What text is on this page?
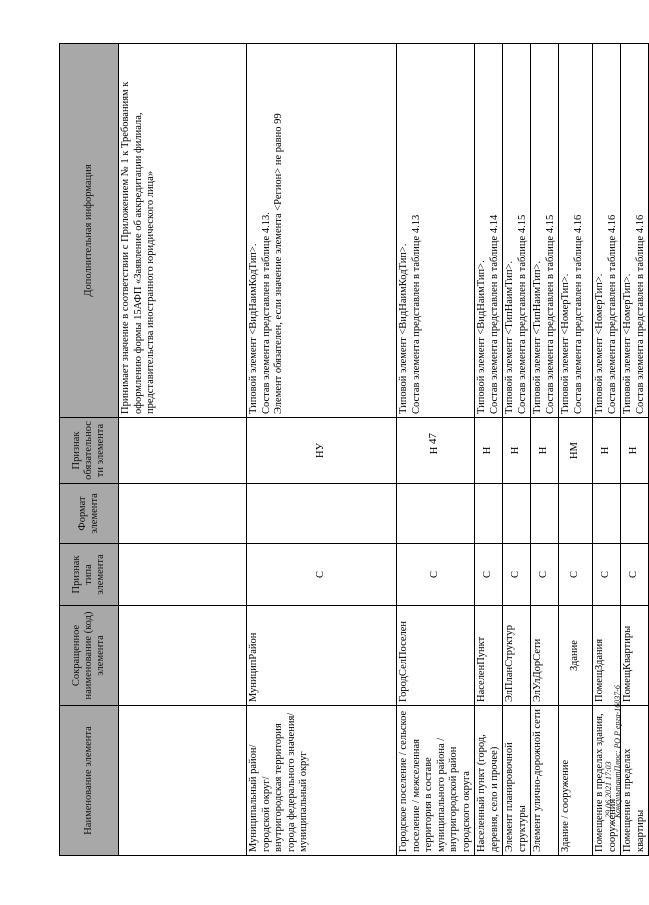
47
Наименование элемента	Сокращенное наименование (код) элемента	Признак типа элемента	Формат элемента	Признак обязательности элемента	Дополнительная информация

					Принимает значение в соответствии с Приложением № 1 к Требованиям к оформлению формы 15АФП «Заявление об аккредитации филиала, представительства иностранного юридического лица»

Муниципальный район/ городской округ/ внутригородская территория города федерального значения/ муниципальный округ	МуниципРайон	С		НУ	Типовой элемент <ВидНаимКодТип>. Состав элемента представлен в таблице 4.13. Элемент обязателен, если значение элемента <Регион> не равно 99

Городское поселение / сельское поселение / межселенная территория в составе муниципального района / внутригородской район городского округа	ГородСелПоселен	С		Н	Типовой элемент <ВидНаимКодТип>. Состав элемента представлен в таблице 4.13

Населенный пункт (город, деревня, село и прочее)	НаселенПункт	С		Н	Типовой элемент <ВидНаимТип>. Состав элемента представлен в таблице 4.14

Элемент планировочной структуры	ЭлПланСтруктур	С		Н	Типовой элемент <ТипНаимТип>. Состав элемента представлен в таблице 4.15

Элемент улично-дорожной сети	ЭлУлДорСети	С		Н	Типовой элемент <ТипНаимТип>. Состав элемента представлен в таблице 4.15

Здание / сооружение	Здание	С		НМ	Типовой элемент <НомерТип>. Состав элемента представлен в таблице 4.16

Помещение в пределах здания, сооружения	ПомещЗдания	С		Н	Типовой элемент <НомерТип>. Состав элемента представлен в таблице 4.16

Помещение в пределах квартиры	ПомещКвартиры	С		Н	Типовой элемент <НомерТип>. Состав элемента представлен в таблице 4.16
29.06.2021 17:03 КонсультантПлюс: РО Р ерга-16037-6
